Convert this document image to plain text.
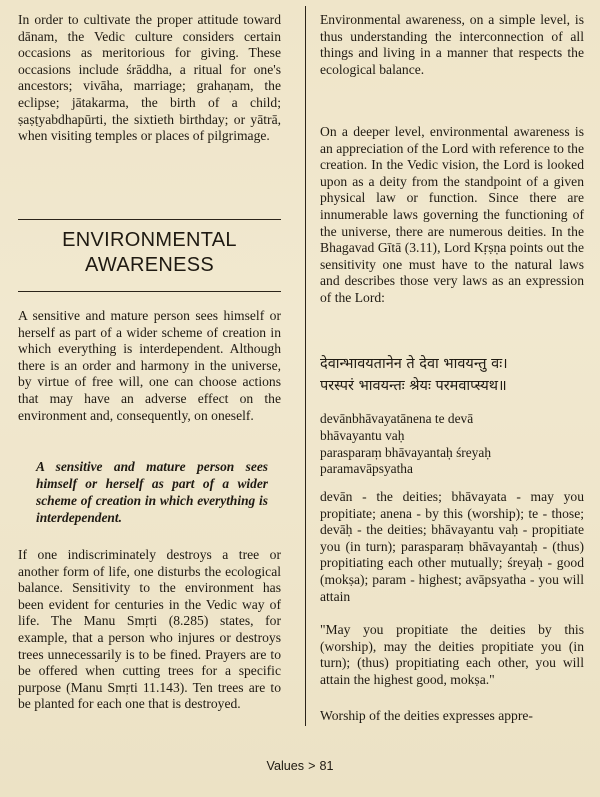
In order to cultivate the proper attitude toward dānam, the Vedic culture considers certain occasions as meritorious for giving. These occasions include śrāddha, a ritual for one's ancestors; vivāha, marriage; grahaṇam, the eclipse; jātakarma, the birth of a child; ṣaṣṭyabdhapūrti, the sixtieth birthday; or yātrā, when visiting temples or places of pilgrimage.

ENVIRONMENTAL
AWARENESS

A sensitive and mature person sees himself or herself as part of a wider scheme of creation in which everything is interdependent. Although there is an order and harmony in the universe, by virtue of free will, one can choose actions that may have an adverse effect on the environment and, consequently, on oneself.

A sensitive and mature person sees himself or herself as part of a wider scheme of creation in which everything is interdependent.

If one indiscriminately destroys a tree or another form of life, one disturbs the ecological balance. Sensitivity to the environment has been evident for centuries in the Vedic way of life. The Manu Smṛti (8.285) states, for example, that a person who injures or destroys trees unnecessarily is to be fined. Prayers are to be offered when cutting trees for a specific purpose (Manu Smṛti 11.143). Ten trees are to be planted for each one that is destroyed.

Environmental awareness, on a simple level, is thus understanding the interconnection of all things and living in a manner that respects the ecological balance.

On a deeper level, environmental awareness is an appreciation of the Lord with reference to the creation. In the Vedic vision, the Lord is looked upon as a deity from the standpoint of a given physical law or function. Since there are innumerable laws governing the functioning of the universe, there are numerous deities. In the Bhagavad Gītā (3.11), Lord Kṛṣṇa points out the sensitivity one must have to the natural laws and describes those very laws as an expression of the Lord:

देवान्भावयतानेन ते देवा भावयन्तु वः।
परस्परं भावयन्तः श्रेयः परमवाप्स्यथ॥
devānbhāvayatānena te devā
bhāvayantu vaḥ
parasparaṃ bhāvayantaḥ śreyaḥ
paramavāpsyatha

devān - the deities; bhāvayata - may you propitiate; anena - by this (worship); te - those; devāḥ - the deities; bhāvayantu vaḥ - propitiate you (in turn); parasparaṃ bhāvayantaḥ - (thus) propitiating each other mutually; śreyaḥ - good (mokṣa); param - highest; avāpsyatha - you will attain

"May you propitiate the deities by this (worship), may the deities propitiate you (in turn); (thus) propitiating each other, you will attain the highest good, mokṣa."

Worship of the deities expresses appre-

Values > 81
